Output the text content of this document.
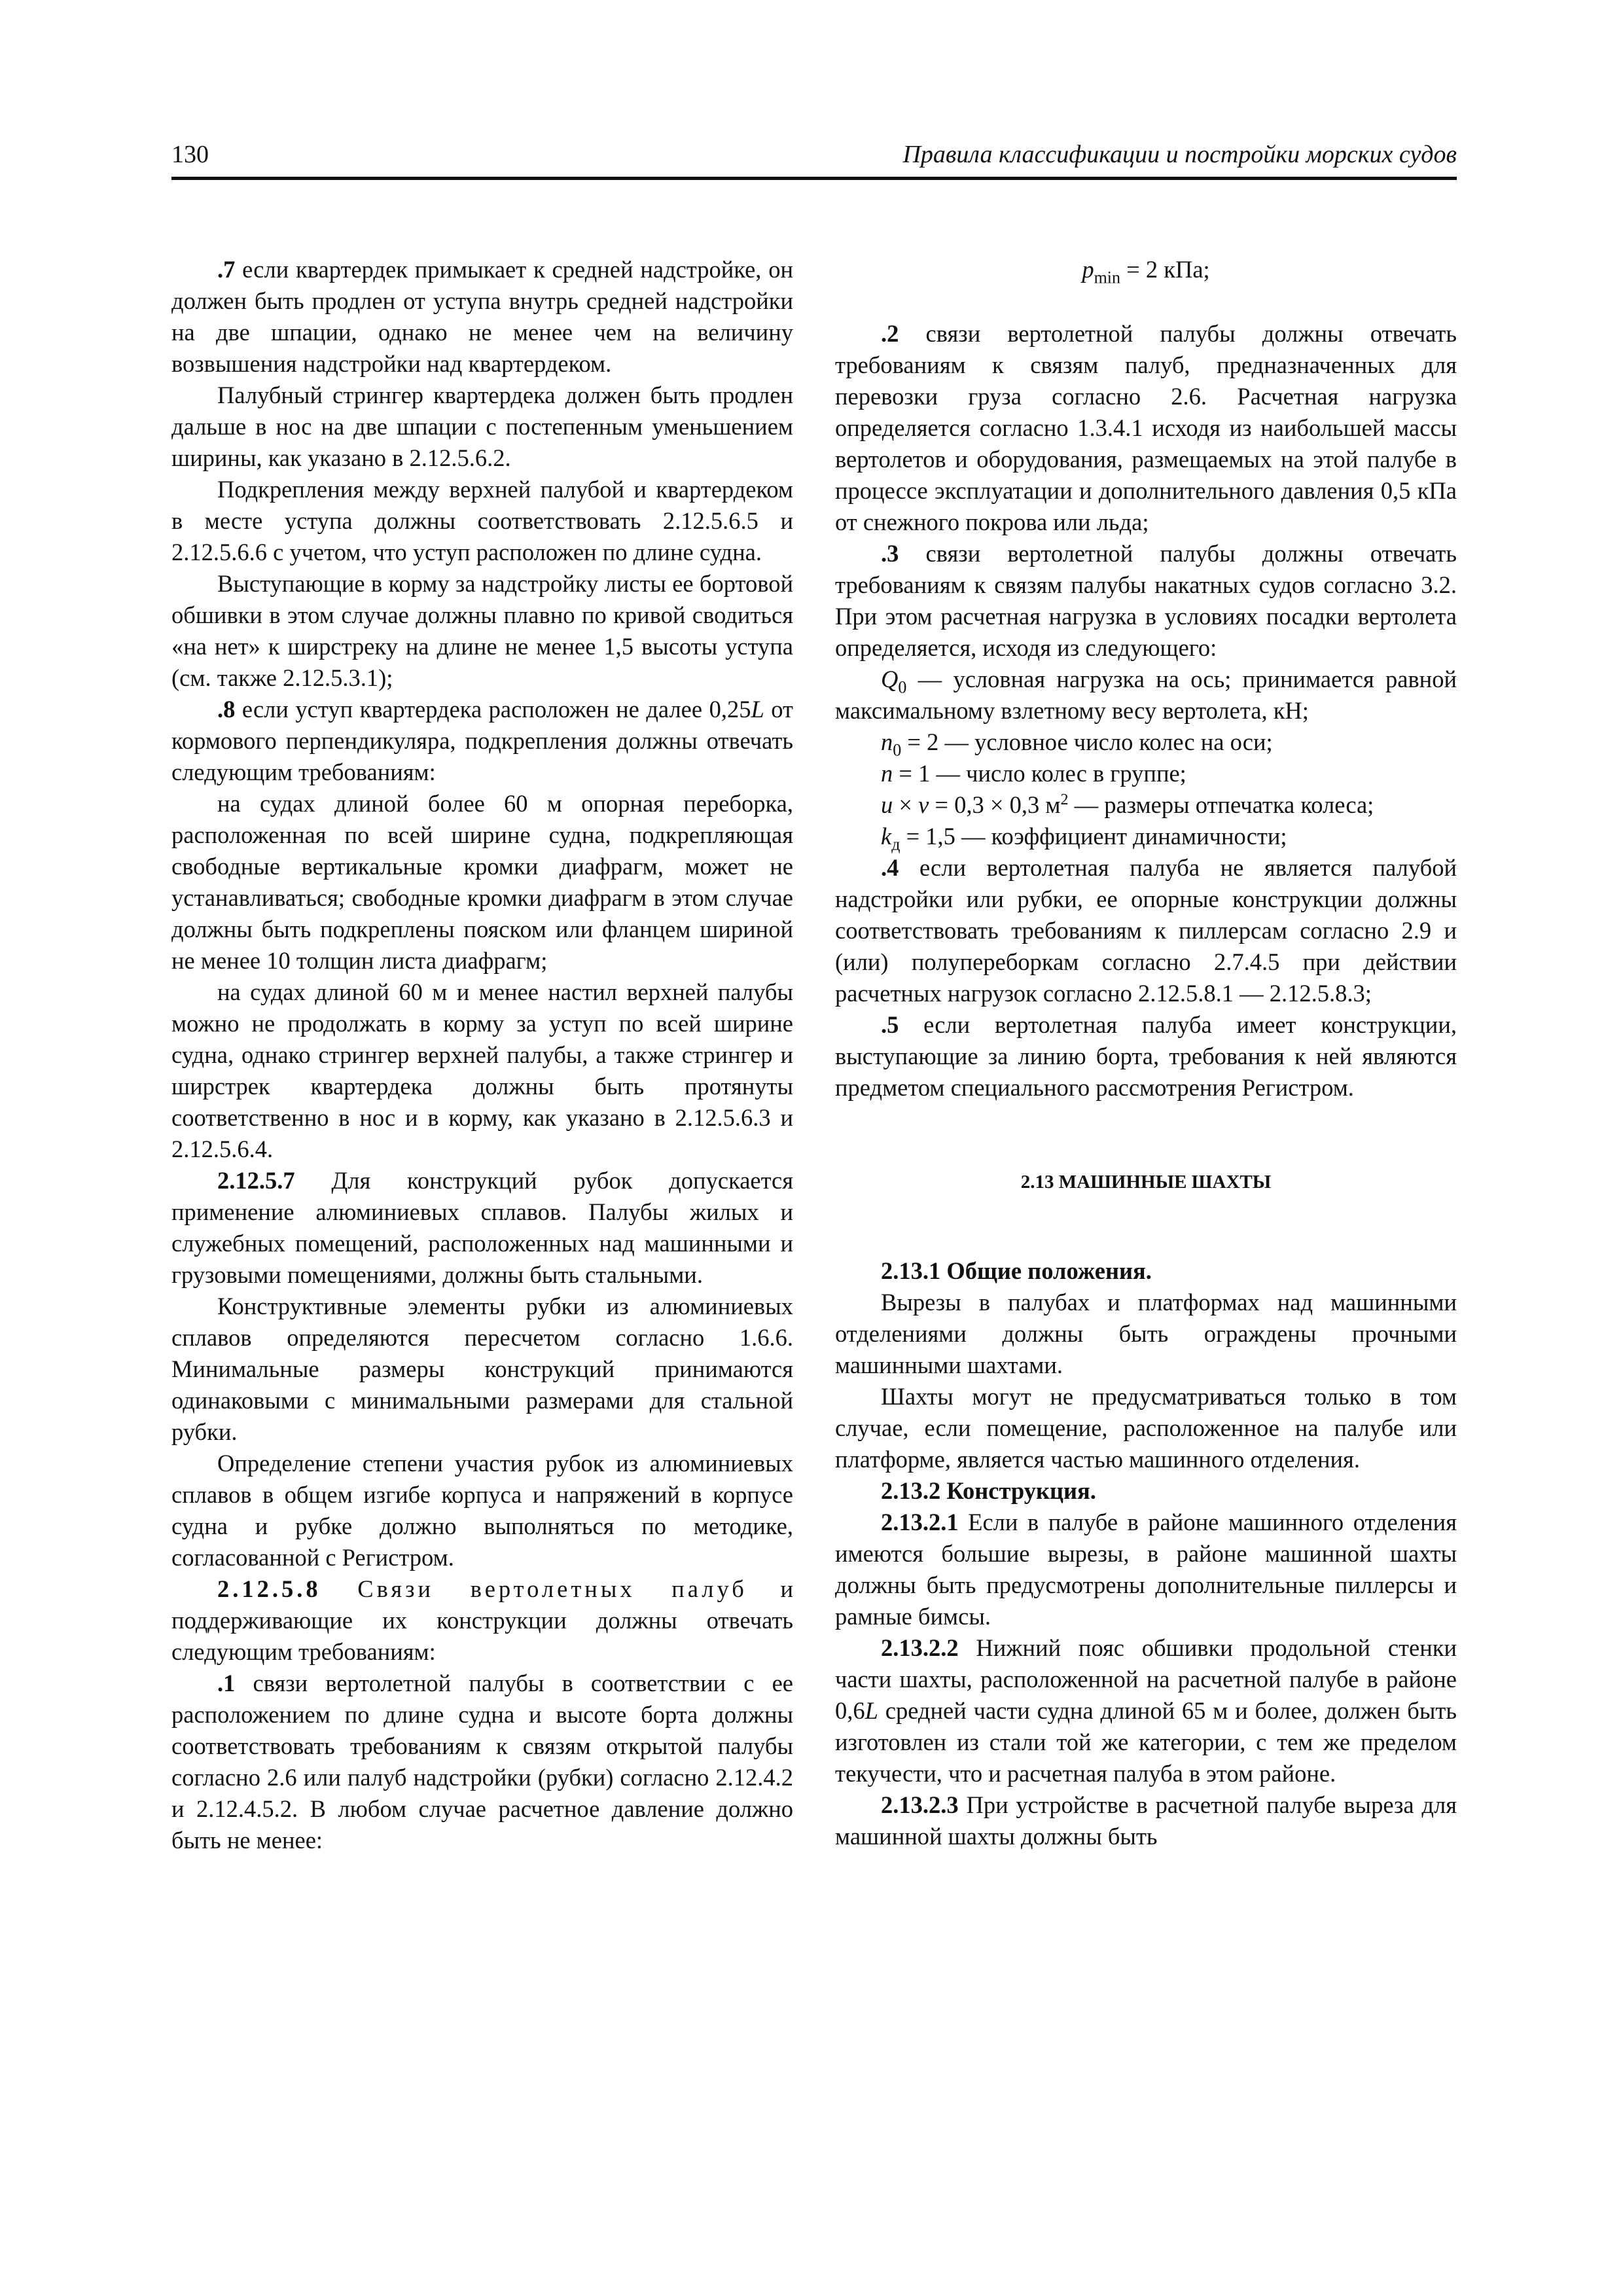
130	Правила классификации и постройки морских судов

.7 если квартердек примыкает к средней надстройке, он должен быть продлен от уступа внутрь средней надстройки на две шпации, однако не менее чем на величину возвышения надстройки над квартердеком.

Палубный стрингер квартердека должен быть продлен дальше в нос на две шпации с постепенным уменьшением ширины, как указано в 2.12.5.6.2.

Подкрепления между верхней палубой и квартердеком в месте уступа должны соответствовать 2.12.5.6.5 и 2.12.5.6.6 с учетом, что уступ расположен по длине судна.

Выступающие в корму за надстройку листы ее бортовой обшивки в этом случае должны плавно по кривой сводиться «на нет» к ширстреку на длине не менее 1,5 высоты уступа (см. также 2.12.5.3.1);

.8 если уступ квартердека расположен не далее 0,25L от кормового перпендикуляра, подкрепления должны отвечать следующим требованиям:

на судах длиной более 60 м опорная переборка, расположенная по всей ширине судна, подкрепляющая свободные вертикальные кромки диафрагм, может не устанавливаться; свободные кромки диафрагм в этом случае должны быть подкреплены пояском или фланцем шириной не менее 10 толщин листа диафрагм;

на судах длиной 60 м и менее настил верхней палубы можно не продолжать в корму за уступ по всей ширине судна, однако стрингер верхней палубы, а также стрингер и ширстрек квартердека должны быть протянуты соответственно в нос и в корму, как указано в 2.12.5.6.3 и 2.12.5.6.4.

2.12.5.7 Для конструкций рубок допускается применение алюминиевых сплавов. Палубы жилых и служебных помещений, расположенных над машинными и грузовыми помещениями, должны быть стальными.

Конструктивные элементы рубки из алюминиевых сплавов определяются пересчетом согласно 1.6.6. Минимальные размеры конструкций принимаются одинаковыми с минимальными размерами для стальной рубки.

Определение степени участия рубок из алюминиевых сплавов в общем изгибе корпуса и напряжений в корпусе судна и рубке должно выполняться по методике, согласованной с Регистром.

2.12.5.8 Связи вертолетных палуб и поддерживающие их конструкции должны отвечать следующим требованиям:

.1 связи вертолетной палубы в соответствии с ее расположением по длине судна и высоте борта должны соответствовать требованиям к связям открытой палубы согласно 2.6 или палуб надстройки (рубки) согласно 2.12.4.2 и 2.12.4.5.2. В любом случае расчетное давление должно быть не менее:

$p_{min} = 2$ кПа;

.2 связи вертолетной палубы должны отвечать требованиям к связям палуб, предназначенных для перевозки груза согласно 2.6. Расчетная нагрузка определяется согласно 1.3.4.1 исходя из наибольшей массы вертолетов и оборудования, размещаемых на этой палубе в процессе эксплуатации и дополнительного давления 0,5 кПа от снежного покрова или льда;

.3 связи вертолетной палубы должны отвечать требованиям к связям палубы накатных судов согласно 3.2. При этом расчетная нагрузка в условиях посадки вертолета определяется, исходя из следующего:

$Q_0$ — условная нагрузка на ось; принимается равной максимальному взлетному весу вертолета, кН;

$n_0 = 2$ — условное число колес на оси;

n = 1 — число колес в группе;

u × v = 0,3 × 0,3 $м^2$ — размеры отпечатка колеса;

$k_д = 1,5$ — коэффициент динамичности;

.4 если вертолетная палуба не является палубой надстройки или рубки, ее опорные конструкции должны соответствовать требованиям к пиллерсам согласно 2.9 и (или) полупереборкам согласно 2.7.4.5 при действии расчетных нагрузок согласно 2.12.5.8.1 — 2.12.5.8.3;

.5 если вертолетная палуба имеет конструкции, выступающие за линию борта, требования к ней являются предметом специального рассмотрения Регистром.

2.13 МАШИННЫЕ ШАХТЫ

2.13.1 Общие положения.

Вырезы в палубах и платформах над машинными отделениями должны быть ограждены прочными машинными шахтами.

Шахты могут не предусматриваться только в том случае, если помещение, расположенное на палубе или платформе, является частью машинного отделения.

2.13.2 Конструкция.

2.13.2.1 Если в палубе в районе машинного отделения имеются большие вырезы, в районе машинной шахты должны быть предусмотрены дополнительные пиллерсы и рамные бимсы.

2.13.2.2 Нижний пояс обшивки продольной стенки части шахты, расположенной на расчетной палубе в районе 0,6L средней части судна длиной 65 м и более, должен быть изготовлен из стали той же категории, с тем же пределом текучести, что и расчетная палуба в этом районе.

2.13.2.3 При устройстве в расчетной палубе выреза для машинной шахты должны быть
